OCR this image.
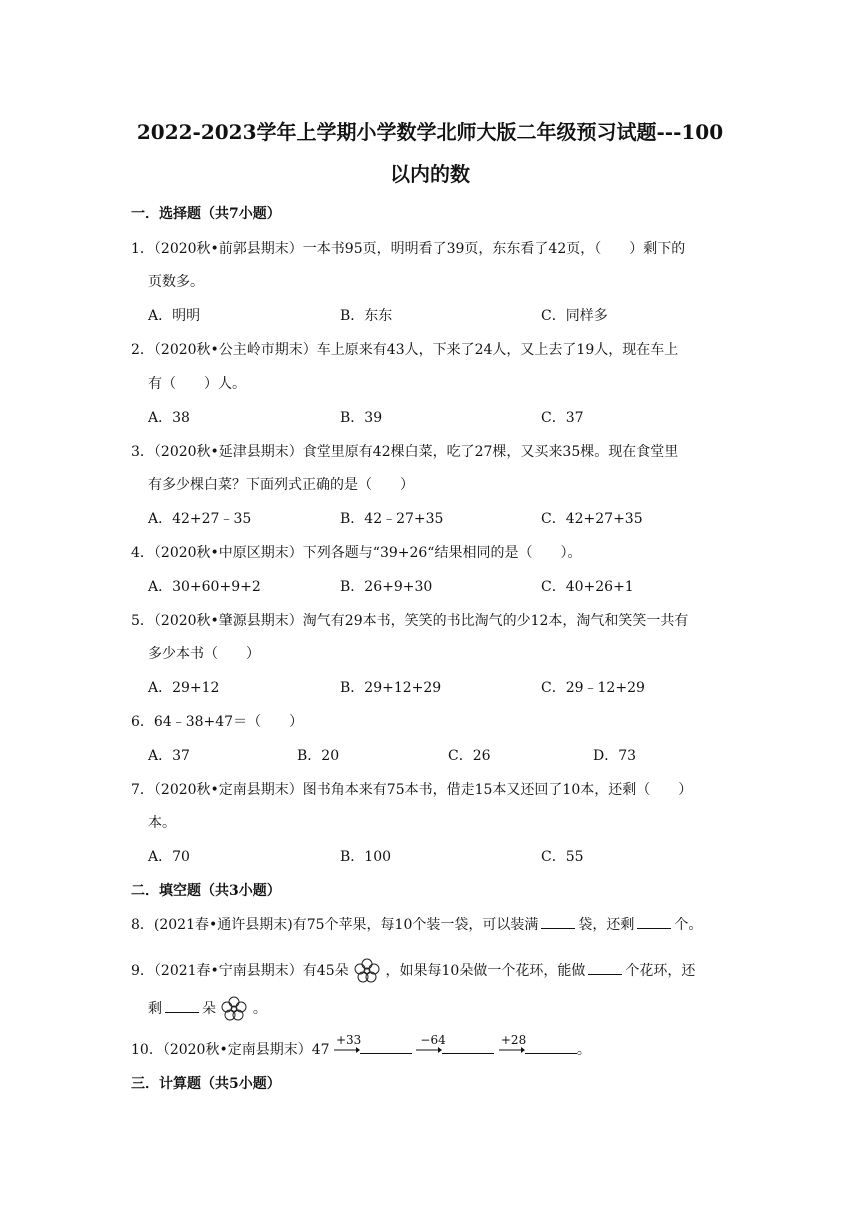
2022-2023学年上学期小学数学北师大版二年级预习试题---100
以内的数
一．选择题（共7小题）
1．（2020秋•前郭县期末）一本书95页，明明看了39页，东东看了42页，（　　）剩下的
页数多。
A．明明	B．东东	C．同样多
2．（2020秋•公主岭市期末）车上原来有43人，下来了24人，又上去了19人，现在车上
有（　　）人。
A．38	B．39	C．37
3．（2020秋•延津县期末）食堂里原有42棵白菜，吃了27棵，又买来35棵。现在食堂里
有多少棵白菜？下面列式正确的是（　　）
A．42+27﹣35	B．42﹣27+35	C．42+27+35
4．（2020秋•中原区期末）下列各题与“39+26“结果相同的是（　　）。
A．30+60+9+2	B．26+9+30	C．40+26+1
5．（2020秋•肇源县期末）淘气有29本书，笑笑的书比淘气的少12本，淘气和笑笑一共有
多少本书（　　）
A．29+12	B．29+12+29	C．29﹣12+29
6．64﹣38+47＝（　　）
A．37	B．20	C．26	D．73
7．（2020秋•定南县期末）图书角本来有75本书，借走15本又还回了10本，还剩（　　）
本。
A．70	B．100	C．55
二．填空题（共3小题）
8．(2021春•通许县期末)有75个苹果，每10个装一袋，可以装满	袋，还剩	个。
9．（2021春•宁南县期末）有45朵	，如果每10朵做一个花环，能做	个花环，还
剩	朵	。
10．（2020秋•定南县期末）47
+33
	−64
	+28
。
三．计算题（共5小题）
